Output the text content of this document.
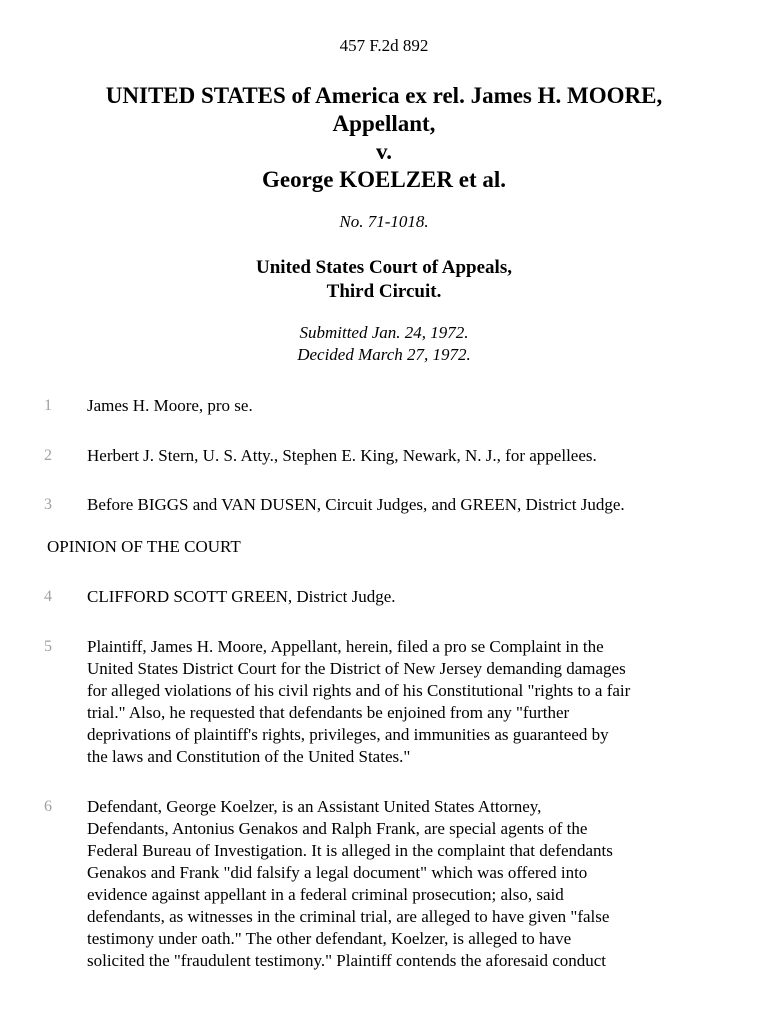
457 F.2d 892
UNITED STATES of America ex rel. James H. MOORE,
Appellant,
v.
George KOELZER et al.
No. 71-1018.
United States Court of Appeals,
Third Circuit.
Submitted Jan. 24, 1972.
Decided March 27, 1972.
1	James H. Moore, pro se.
2	Herbert J. Stern, U. S. Atty., Stephen E. King, Newark, N. J., for appellees.
3	Before BIGGS and VAN DUSEN, Circuit Judges, and GREEN, District Judge.
OPINION OF THE COURT
4	CLIFFORD SCOTT GREEN, District Judge.
5	Plaintiff, James H. Moore, Appellant, herein, filed a pro se Complaint in the
United States District Court for the District of New Jersey demanding damages
for alleged violations of his civil rights and of his Constitutional "rights to a fair
trial." Also, he requested that defendants be enjoined from any "further
deprivations of plaintiff's rights, privileges, and immunities as guaranteed by
the laws and Constitution of the United States."
6	Defendant, George Koelzer, is an Assistant United States Attorney,
Defendants, Antonius Genakos and Ralph Frank, are special agents of the
Federal Bureau of Investigation. It is alleged in the complaint that defendants
Genakos and Frank "did falsify a legal document" which was offered into
evidence against appellant in a federal criminal prosecution; also, said
defendants, as witnesses in the criminal trial, are alleged to have given "false
testimony under oath." The other defendant, Koelzer, is alleged to have
solicited the "fraudulent testimony." Plaintiff contends the aforesaid conduct
